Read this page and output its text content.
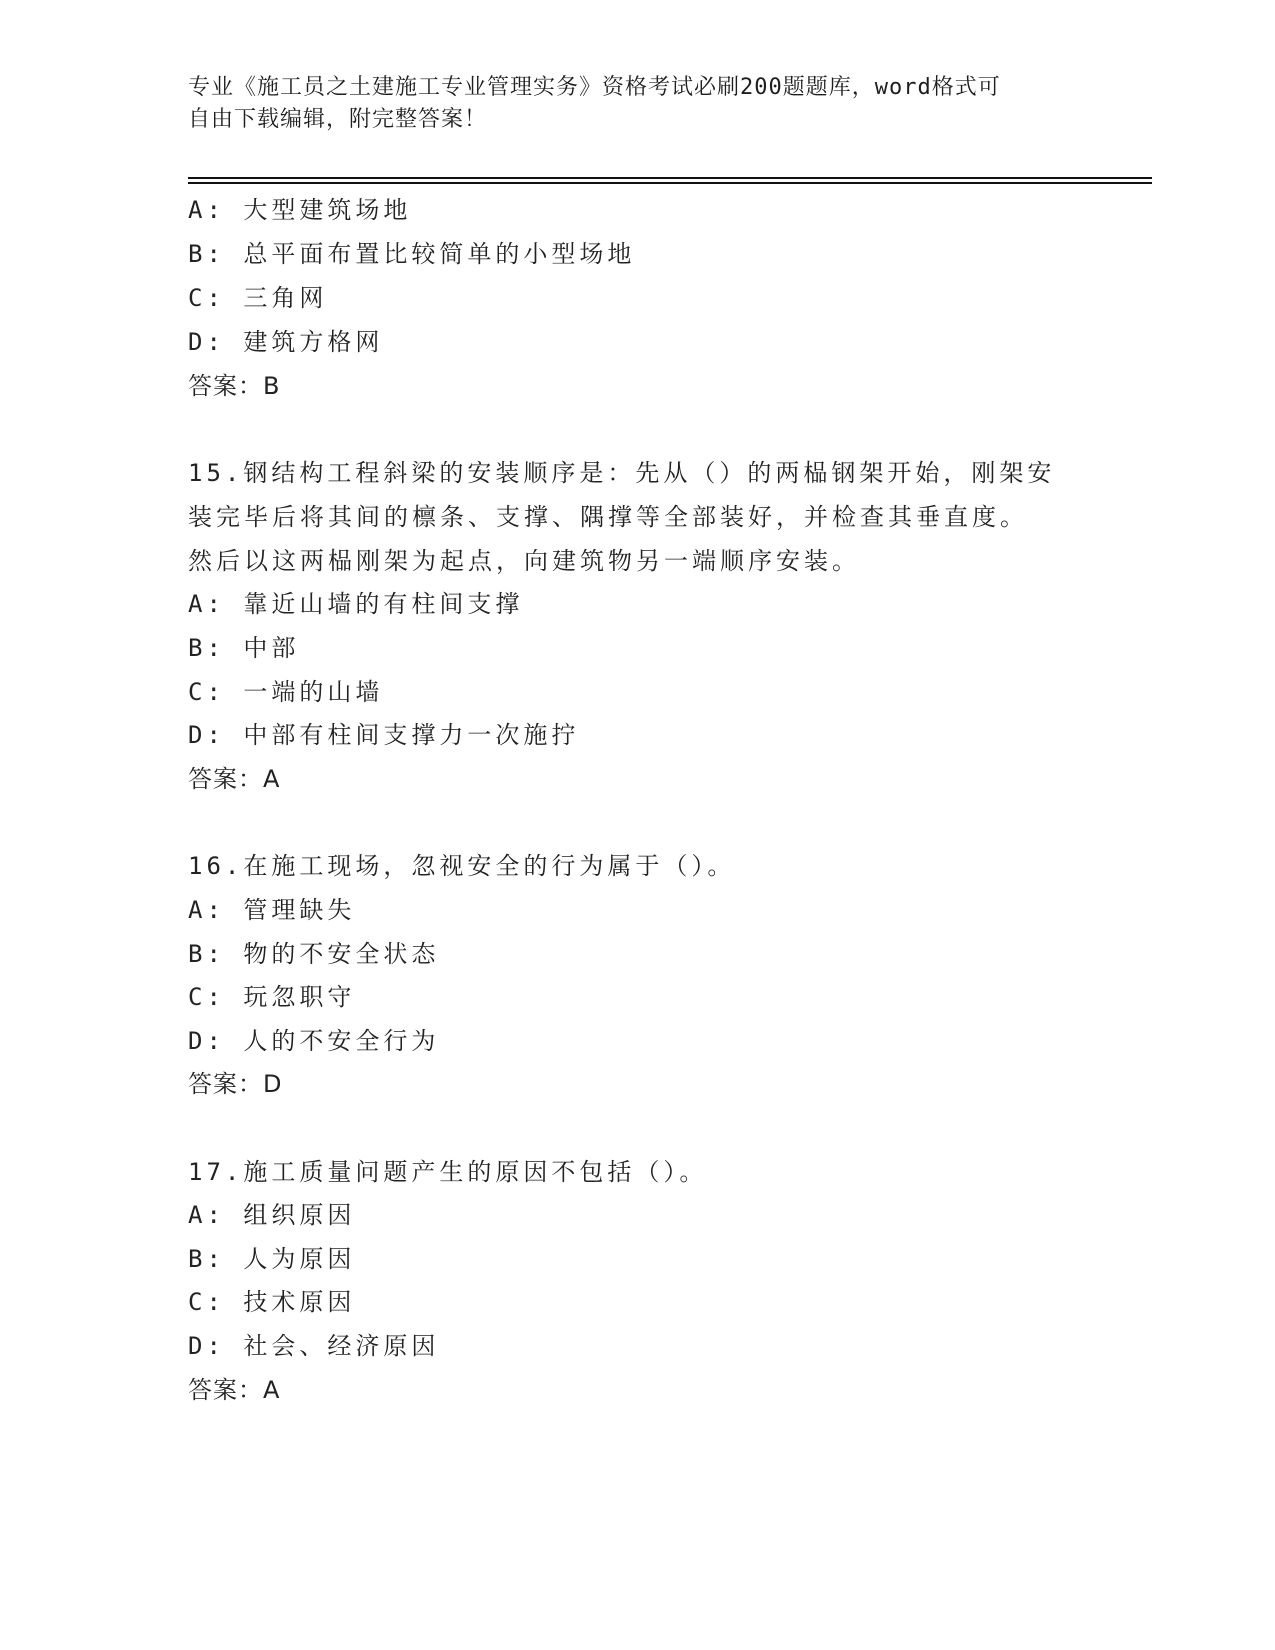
专业《施工员之土建施工专业管理实务》资格考试必刷200题题库，word格式可
自由下载编辑，附完整答案！
A: 大型建筑场地
B: 总平面布置比较简单的小型场地
C: 三角网
D: 建筑方格网
答案：B
15.钢结构工程斜梁的安装顺序是：先从（）的两榀钢架开始，刚架安
装完毕后将其间的檩条、支撑、隅撑等全部装好，并检查其垂直度。
然后以这两榀刚架为起点，向建筑物另一端顺序安装。
A: 靠近山墙的有柱间支撑
B: 中部
C: 一端的山墙
D: 中部有柱间支撑力一次施拧
答案：A
16.在施工现场，忽视安全的行为属于（）。
A: 管理缺失
B: 物的不安全状态
C: 玩忽职守
D: 人的不安全行为
答案：D
17.施工质量问题产生的原因不包括（）。
A: 组织原因
B: 人为原因
C: 技术原因
D: 社会、经济原因
答案：A
